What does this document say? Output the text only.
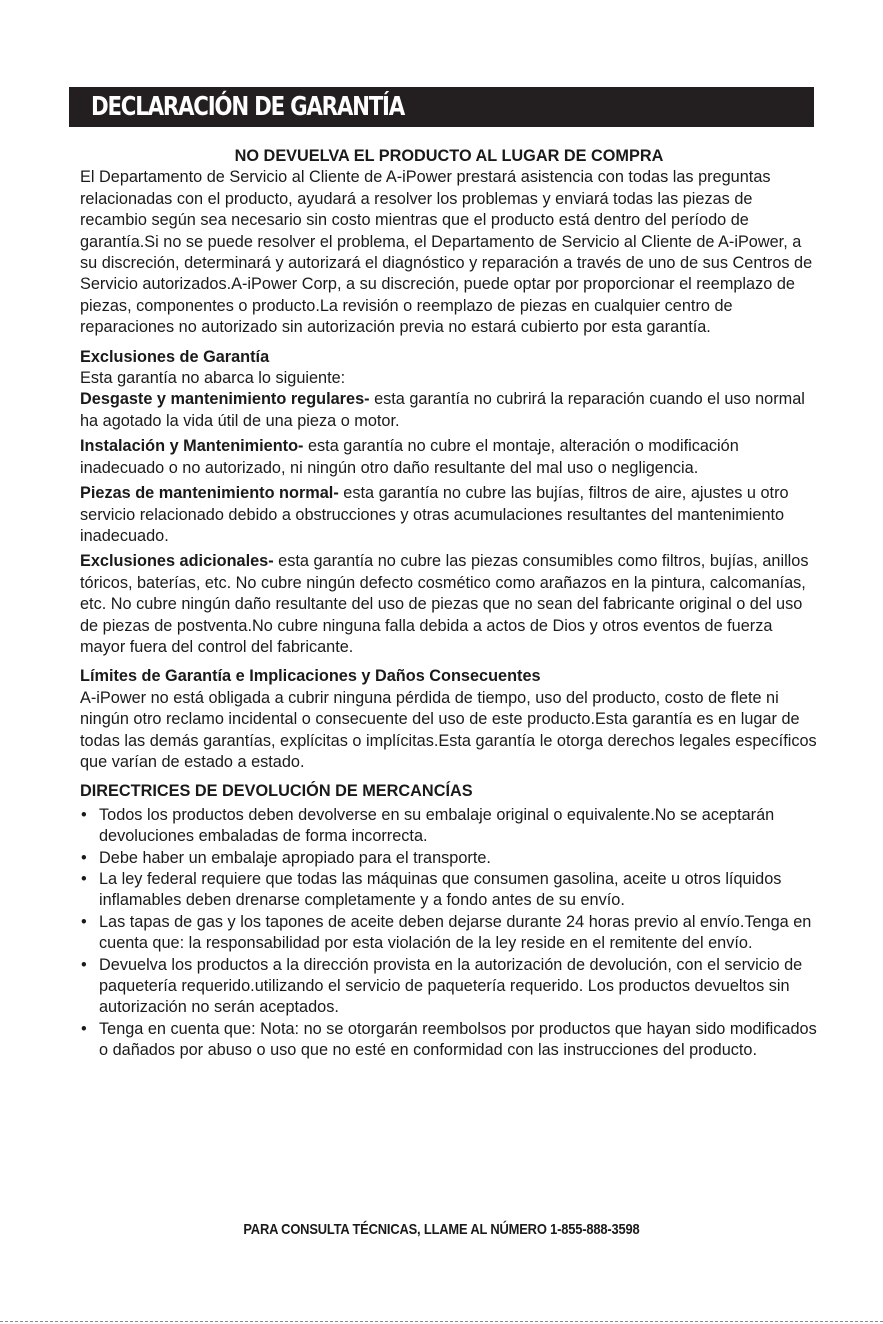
DECLARACIÓN DE GARANTÍA

NO DEVUELVA EL PRODUCTO AL LUGAR DE COMPRA

El Departamento de Servicio al Cliente de A-iPower prestará asistencia con todas las preguntas relacionadas con el producto, ayudará a resolver los problemas y enviará todas las piezas de recambio según sea necesario sin costo mientras que el producto está dentro del período de garantía.Si no se puede resolver el problema, el Departamento de Servicio al Cliente de A-iPower, a su discreción, determinará y autorizará el diagnóstico y reparación a través de uno de sus Centros de Servicio autorizados.A-iPower Corp, a su discreción, puede optar por proporcionar el reemplazo de piezas, componentes o producto.La revisión o reemplazo de piezas en cualquier centro de reparaciones no autorizado sin autorización previa no estará cubierto por esta garantía.

Exclusiones de Garantía

Esta garantía no abarca lo siguiente:

Desgaste y mantenimiento regulares- esta garantía no cubrirá la reparación cuando el uso normal ha agotado la vida útil de una pieza o motor.

Instalación y Mantenimiento- esta garantía no cubre el montaje, alteración o modificación inadecuado o no autorizado, ni ningún otro daño resultante del mal uso o negligencia.

Piezas de mantenimiento normal- esta garantía no cubre las bujías, filtros de aire, ajustes u otro servicio relacionado debido a obstrucciones y otras acumulaciones resultantes del mantenimiento inadecuado.

Exclusiones adicionales- esta garantía no cubre las piezas consumibles como filtros, bujías, anillos tóricos, baterías, etc. No cubre ningún defecto cosmético como arañazos en la pintura, calcomanías, etc. No cubre ningún daño resultante del uso de piezas que no sean del fabricante original o del uso de piezas de postventa.No cubre ninguna falla debida a actos de Dios y otros eventos de fuerza mayor fuera del control del fabricante.

Límites de Garantía e Implicaciones y Daños Consecuentes

A-iPower no está obligada a cubrir ninguna pérdida de tiempo, uso del producto, costo de flete ni ningún otro reclamo incidental o consecuente del uso de este producto.Esta garantía es en lugar de todas las demás garantías, explícitas o implícitas.Esta garantía le otorga derechos legales específicos que varían de estado a estado.

DIRECTRICES DE DEVOLUCIÓN DE MERCANCÍAS

• Todos los productos deben devolverse en su embalaje original o equivalente.No se aceptarán devoluciones embaladas de forma incorrecta.
• Debe haber un embalaje apropiado para el transporte.
• La ley federal requiere que todas las máquinas que consumen gasolina, aceite u otros líquidos inflamables deben drenarse completamente y a fondo antes de su envío.
• Las tapas de gas y los tapones de aceite deben dejarse durante 24 horas previo al envío.Tenga en cuenta que: la responsabilidad por esta violación de la ley reside en el remitente del envío.
• Devuelva los productos a la dirección provista en la autorización de devolución, con el servicio de paquetería requerido.utilizando el servicio de paquetería requerido. Los productos devueltos sin autorización no serán aceptados.
• Tenga en cuenta que: Nota: no se otorgarán reembolsos por productos que hayan sido modificados o dañados por abuso o uso que no esté en conformidad con las instrucciones del producto.
PARA CONSULTA TÉCNICAS, LLAME AL NÚMERO 1-855-888-3598
